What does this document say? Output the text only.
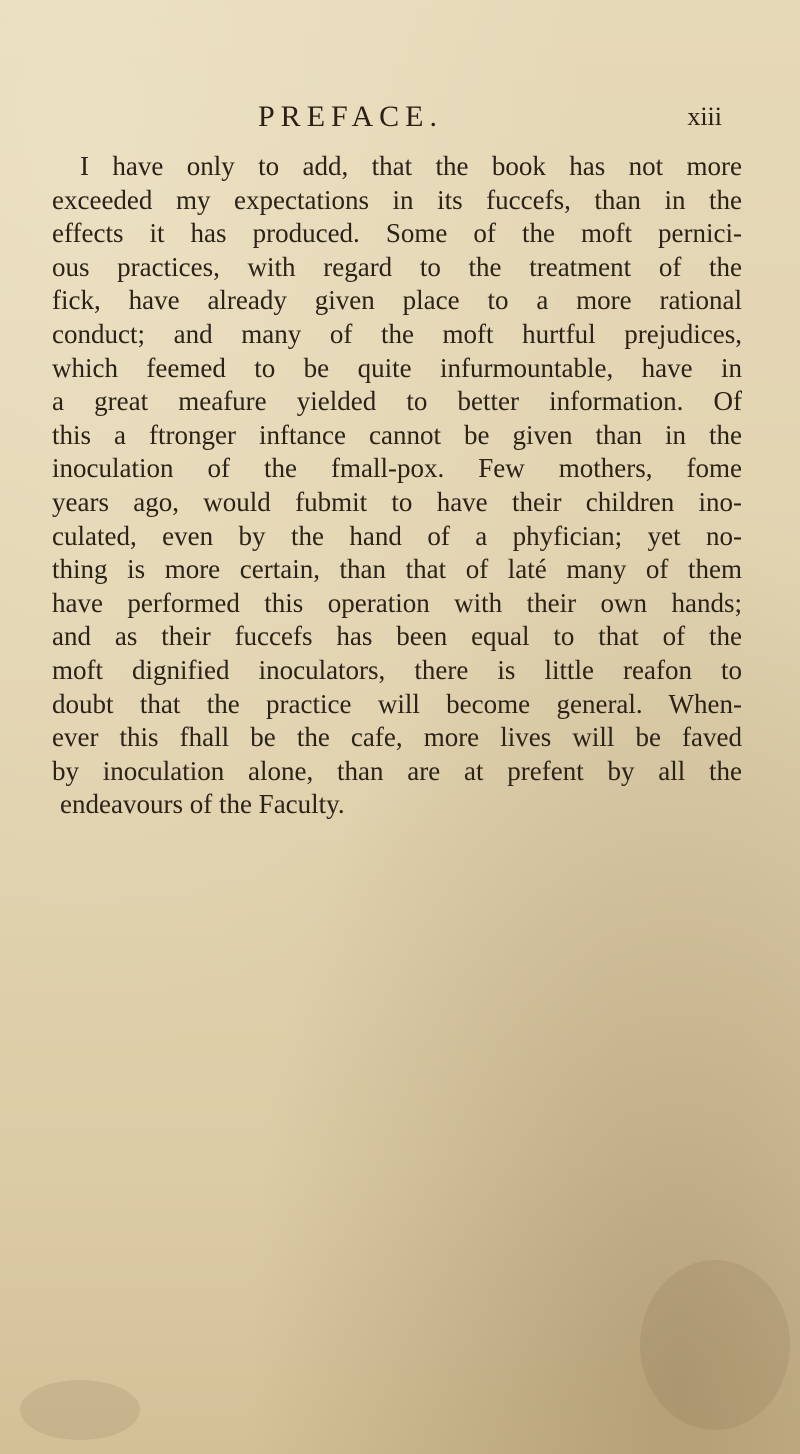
PREFACE.	xiii
I have only to add, that the book has not more
exceeded my expectations in its fuccefs, than in the
effects it has produced. Some of the moft pernici-
ous practices, with regard to the treatment of the
fick, have already given place to a more rational
conduct; and many of the moft hurtful prejudices,
which feemed to be quite infurmountable, have in
a great meafure yielded to better information. Of
this a ftronger inftance cannot be given than in the
inoculation of the fmall-pox. Few mothers, fome
years ago, would fubmit to have their children ino-
culated, even by the hand of a phyfician; yet no-
thing is more certain, than that of laté many of them
have performed this operation with their own hands;
and as their fuccefs has been equal to that of the
moft dignified inoculators, there is little reafon to
doubt that the practice will become general. When-
ever this fhall be the cafe, more lives will be faved
by inoculation alone, than are at prefent by all the
endeavours of the Faculty.
